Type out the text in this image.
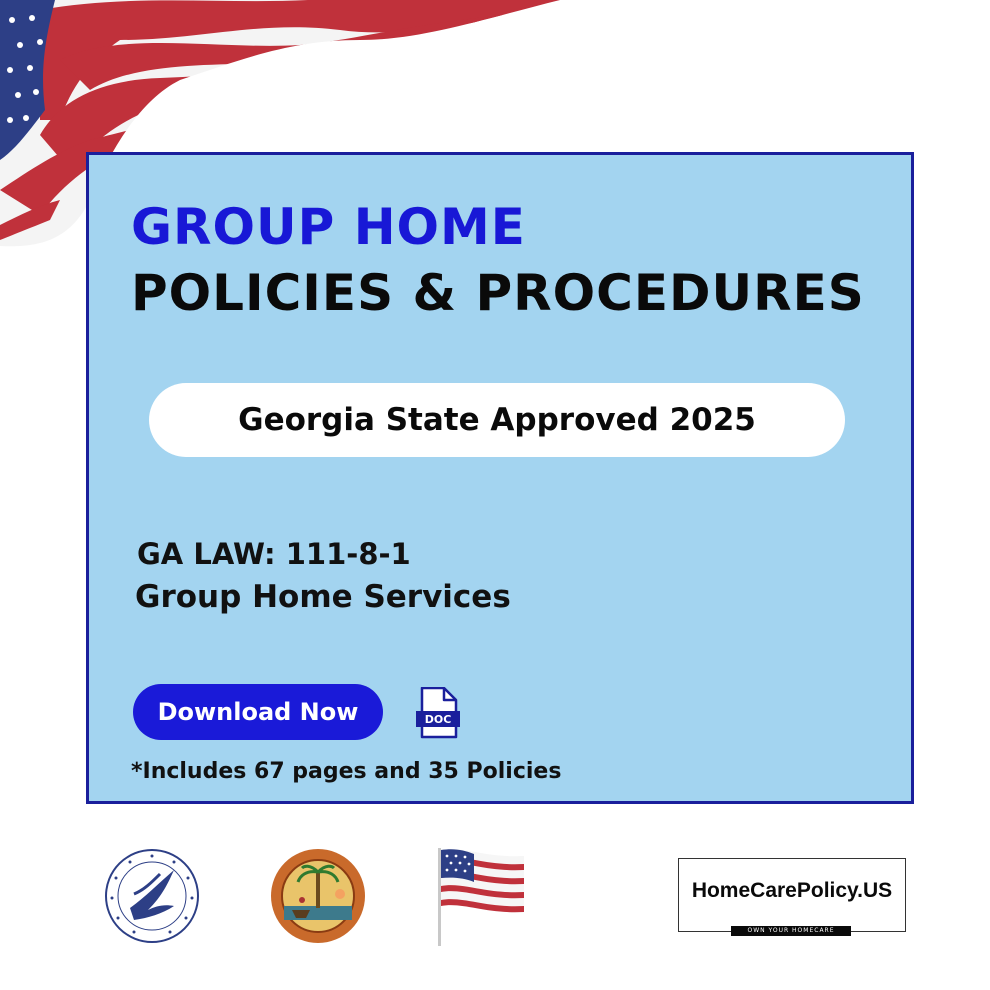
GROUP HOME
POLICIES & PROCEDURES
Georgia State Approved 2025
GA LAW: 111-8-1
Group Home Services
Download Now	DOC
*Includes 67 pages and 35 Policies
HomeCarePolicy.US
OWN YOUR HOMECARE
